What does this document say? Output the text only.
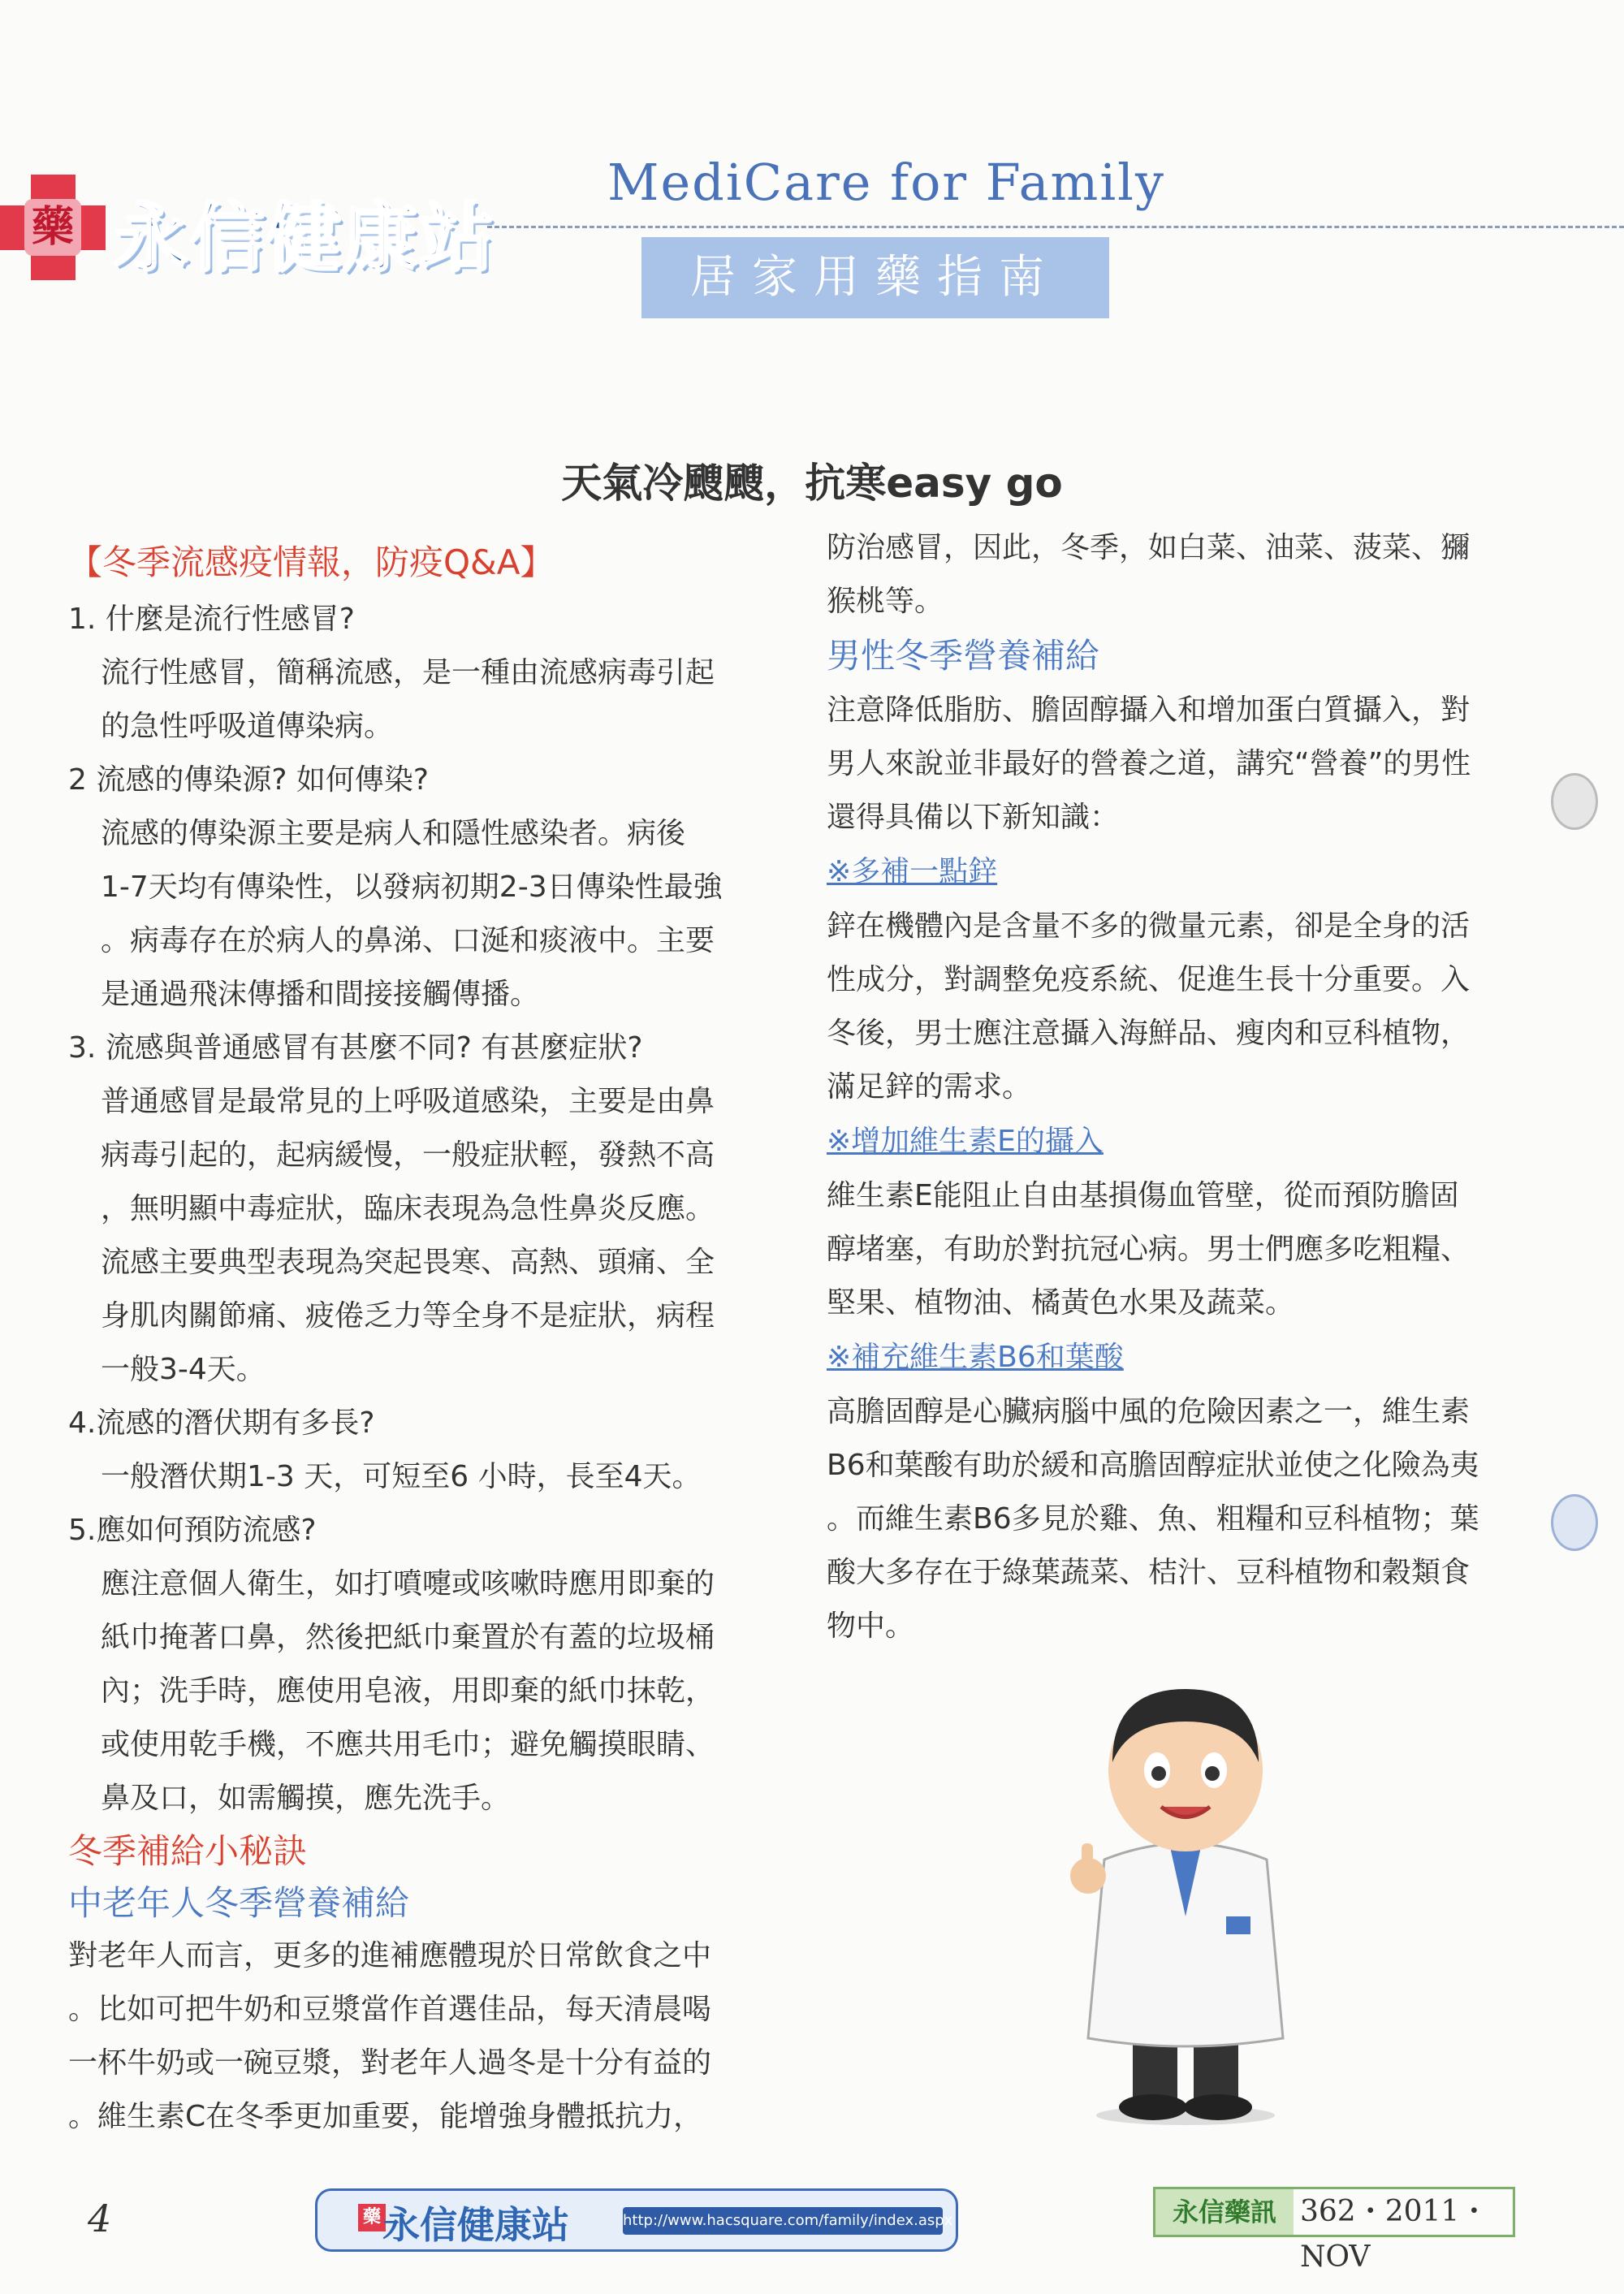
藥 永信健康站
MediCare for Family
居家用藥指南
天氣冷颼颼，抗寒easy go

【冬季流感疫情報，防疫Q&A】

1. 什麼是流行性感冒?

流行性感冒，簡稱流感，是一種由流感病毒引起

的急性呼吸道傳染病。

2 流感的傳染源? 如何傳染?

流感的傳染源主要是病人和隱性感染者。病後

1-7天均有傳染性，以發病初期2-3日傳染性最強

。病毒存在於病人的鼻涕、口涎和痰液中。主要

是通過飛沫傳播和間接接觸傳播。

3. 流感與普通感冒有甚麼不同? 有甚麼症狀?

普通感冒是最常見的上呼吸道感染，主要是由鼻

病毒引起的，起病緩慢，一般症狀輕，發熱不高

，無明顯中毒症狀，臨床表現為急性鼻炎反應。

流感主要典型表現為突起畏寒、高熱、頭痛、全

身肌肉關節痛、疲倦乏力等全身不是症狀，病程

一般3-4天。

4.流感的潛伏期有多長?

一般潛伏期1-3 天，可短至6 小時，長至4天。

5.應如何預防流感?

應注意個人衛生，如打噴嚏或咳嗽時應用即棄的

紙巾掩著口鼻，然後把紙巾棄置於有蓋的垃圾桶

內；洗手時，應使用皂液，用即棄的紙巾抹乾，

或使用乾手機，不應共用毛巾；避免觸摸眼睛、

鼻及口，如需觸摸，應先洗手。

冬季補給小秘訣

中老年人冬季營養補給

對老年人而言，更多的進補應體現於日常飲食之中

。比如可把牛奶和豆漿當作首選佳品，每天清晨喝

一杯牛奶或一碗豆漿，對老年人過冬是十分有益的

。維生素C在冬季更加重要，能增強身體抵抗力，

防治感冒，因此，冬季，如白菜、油菜、菠菜、獼

猴桃等。

男性冬季營養補給

注意降低脂肪、膽固醇攝入和增加蛋白質攝入，對

男人來說並非最好的營養之道，講究“營養”的男性

還得具備以下新知識：

※多補一點鋅

鋅在機體內是含量不多的微量元素，卻是全身的活

性成分，對調整免疫系統、促進生長十分重要。入

冬後，男士應注意攝入海鮮品、瘦肉和豆科植物，

滿足鋅的需求。

※增加維生素E的攝入

維生素E能阻止自由基損傷血管壁，從而預防膽固

醇堵塞，有助於對抗冠心病。男士們應多吃粗糧、

堅果、植物油、橘黃色水果及蔬菜。

※補充維生素B6和葉酸

高膽固醇是心臟病腦中風的危險因素之一，維生素

B6和葉酸有助於緩和高膽固醇症狀並使之化險為夷

。而維生素B6多見於雞、魚、粗糧和豆科植物；葉

酸大多存在于綠葉蔬菜、桔汁、豆科植物和穀類食

物中。

4	藥 永信健康站	http://www.hacsquare.com/family/index.aspx	永信藥訊 362・2011・NOV
